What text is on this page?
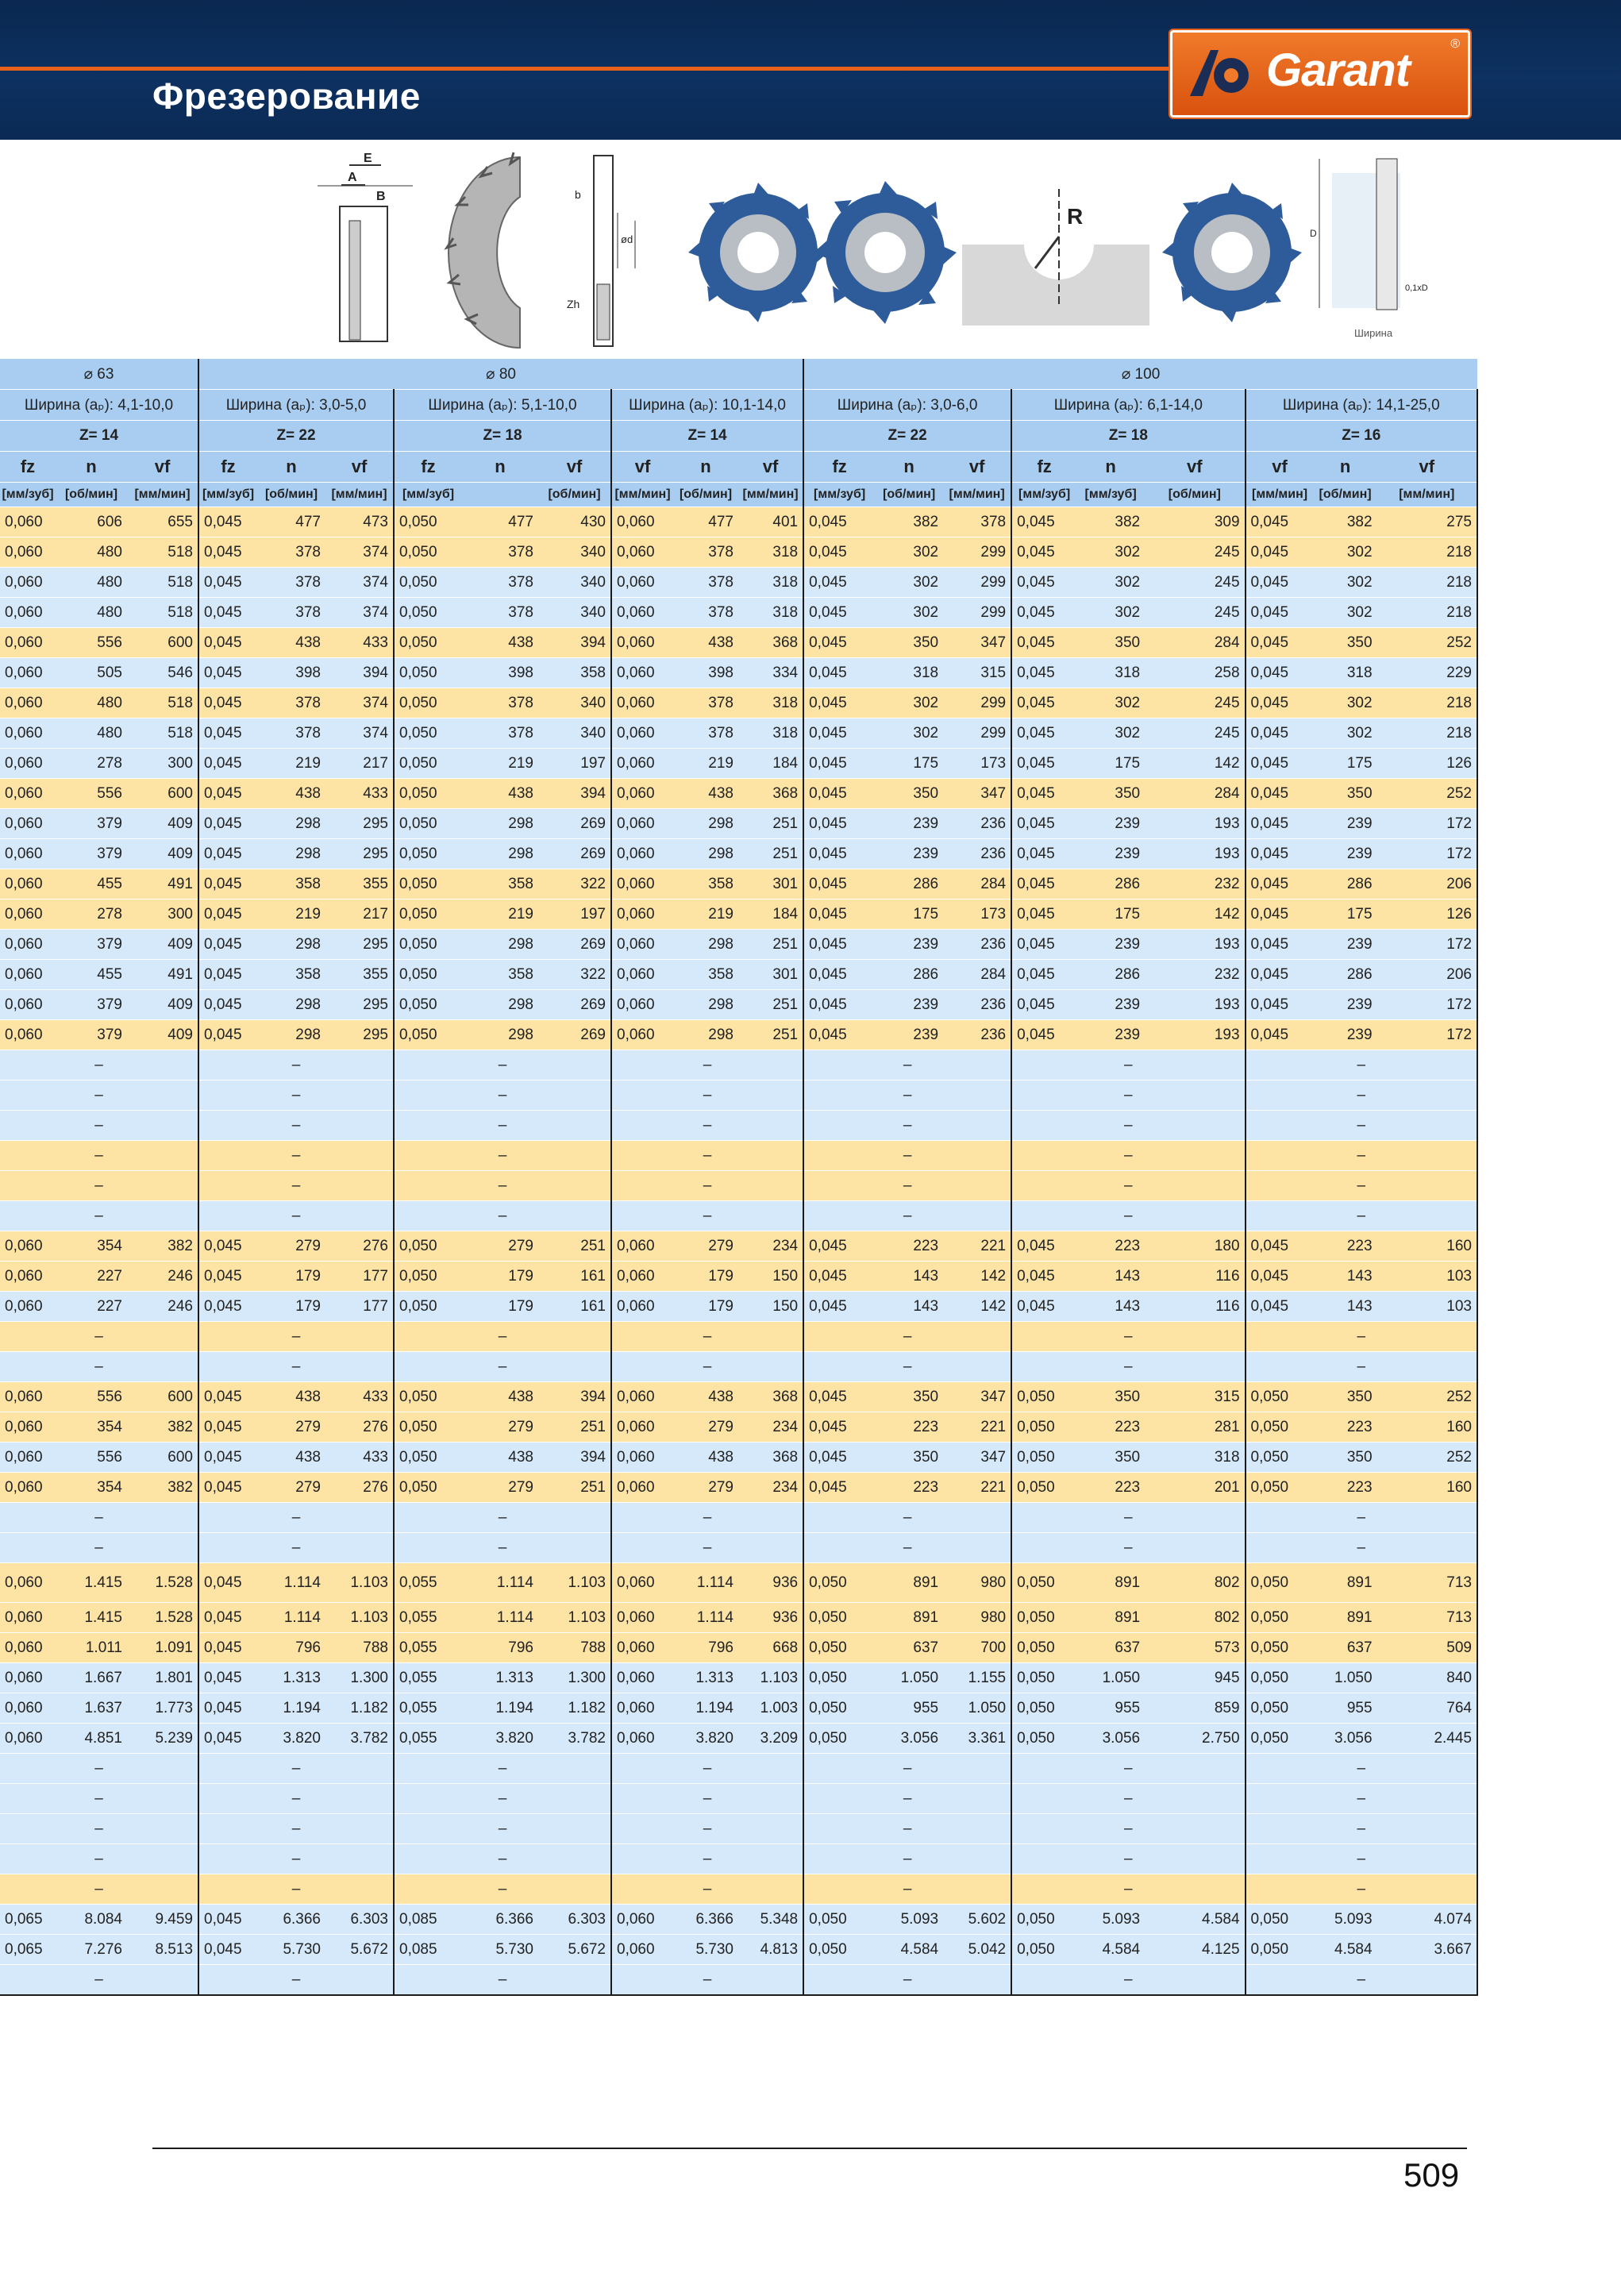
Фрезерование	Garant
®
E
A
B	b
Zh
ød
R
D
0,1xD
Ширина
⌀ 63			⌀ 80									⌀ 100								
Ширина (aₚ): 4,1-10,0			Ширина (aₚ): 3,0-5,0			Ширина (aₚ): 5,1-10,0			Ширина (aₚ): 10,1-14,0			Ширина (aₚ): 3,0-6,0			Ширина (aₚ): 6,1-14,0			Ширина (aₚ): 14,1-25,0		
Z= 14			Z= 22			Z= 18			Z= 14			Z= 22			Z= 18			Z= 16		
fz	n	vf	fz	n	vf	fz	n	vf	vf	n	vf	fz	n	vf	fz	n	vf	vf	n	vf
[мм/зуб]	[об/мин]	[мм/мин]	[мм/зуб]	[об/мин]	[мм/мин]	[мм/зуб]		[об/мин]	[мм/мин]	[об/мин]	[мм/мин]	[мм/зуб]	[об/мин]	[мм/мин]	[мм/зуб]	[мм/зуб]	[об/мин]	[мм/мин]	[об/мин]	[мм/мин]
0,060	606	655	0,045	477	473	0,050	477	430	0,060	477	401	0,045	382	378	0,045	382	309	0,045	382	275
0,060	480	518	0,045	378	374	0,050	378	340	0,060	378	318	0,045	302	299	0,045	302	245	0,045	302	218
0,060	480	518	0,045	378	374	0,050	378	340	0,060	378	318	0,045	302	299	0,045	302	245	0,045	302	218
0,060	480	518	0,045	378	374	0,050	378	340	0,060	378	318	0,045	302	299	0,045	302	245	0,045	302	218
0,060	556	600	0,045	438	433	0,050	438	394	0,060	438	368	0,045	350	347	0,045	350	284	0,045	350	252
0,060	505	546	0,045	398	394	0,050	398	358	0,060	398	334	0,045	318	315	0,045	318	258	0,045	318	229
0,060	480	518	0,045	378	374	0,050	378	340	0,060	378	318	0,045	302	299	0,045	302	245	0,045	302	218
0,060	480	518	0,045	378	374	0,050	378	340	0,060	378	318	0,045	302	299	0,045	302	245	0,045	302	218
0,060	278	300	0,045	219	217	0,050	219	197	0,060	219	184	0,045	175	173	0,045	175	142	0,045	175	126
0,060	556	600	0,045	438	433	0,050	438	394	0,060	438	368	0,045	350	347	0,045	350	284	0,045	350	252
0,060	379	409	0,045	298	295	0,050	298	269	0,060	298	251	0,045	239	236	0,045	239	193	0,045	239	172
0,060	379	409	0,045	298	295	0,050	298	269	0,060	298	251	0,045	239	236	0,045	239	193	0,045	239	172
0,060	455	491	0,045	358	355	0,050	358	322	0,060	358	301	0,045	286	284	0,045	286	232	0,045	286	206
0,060	278	300	0,045	219	217	0,050	219	197	0,060	219	184	0,045	175	173	0,045	175	142	0,045	175	126
0,060	379	409	0,045	298	295	0,050	298	269	0,060	298	251	0,045	239	236	0,045	239	193	0,045	239	172
0,060	455	491	0,045	358	355	0,050	358	322	0,060	358	301	0,045	286	284	0,045	286	232	0,045	286	206
0,060	379	409	0,045	298	295	0,050	298	269	0,060	298	251	0,045	239	236	0,045	239	193	0,045	239	172
0,060	379	409	0,045	298	295	0,050	298	269	0,060	298	251	0,045	239	236	0,045	239	193	0,045	239	172
–			–			–			–			–			–			–		
–			–			–			–			–			–			–		
–			–			–			–			–			–			–		
–			–			–			–			–			–			–		
–			–			–			–			–			–			–		
–			–			–			–			–			–			–		
0,060	354	382	0,045	279	276	0,050	279	251	0,060	279	234	0,045	223	221	0,045	223	180	0,045	223	160
0,060	227	246	0,045	179	177	0,050	179	161	0,060	179	150	0,045	143	142	0,045	143	116	0,045	143	103
0,060	227	246	0,045	179	177	0,050	179	161	0,060	179	150	0,045	143	142	0,045	143	116	0,045	143	103
–			–			–			–			–			–			–		
–			–			–			–			–			–			–		
0,060	556	600	0,045	438	433	0,050	438	394	0,060	438	368	0,045	350	347	0,050	350	315	0,050	350	252
0,060	354	382	0,045	279	276	0,050	279	251	0,060	279	234	0,045	223	221	0,050	223	281	0,050	223	160
0,060	556	600	0,045	438	433	0,050	438	394	0,060	438	368	0,045	350	347	0,050	350	318	0,050	350	252
0,060	354	382	0,045	279	276	0,050	279	251	0,060	279	234	0,045	223	221	0,050	223	201	0,050	223	160
–			–			–			–			–			–			–		
–			–			–			–			–			–			–		
0,060	1.415	1.528	0,045	1.114	1.103	0,055	1.114	1.103	0,060	1.114	936	0,050	891	980	0,050	891	802	0,050	891	713
0,060	1.415	1.528	0,045	1.114	1.103	0,055	1.114	1.103	0,060	1.114	936	0,050	891	980	0,050	891	802	0,050	891	713
0,060	1.011	1.091	0,045	796	788	0,055	796	788	0,060	796	668	0,050	637	700	0,050	637	573	0,050	637	509
0,060	1.667	1.801	0,045	1.313	1.300	0,055	1.313	1.300	0,060	1.313	1.103	0,050	1.050	1.155	0,050	1.050	945	0,050	1.050	840
0,060	1.637	1.773	0,045	1.194	1.182	0,055	1.194	1.182	0,060	1.194	1.003	0,050	955	1.050	0,050	955	859	0,050	955	764
0,060	4.851	5.239	0,045	3.820	3.782	0,055	3.820	3.782	0,060	3.820	3.209	0,050	3.056	3.361	0,050	3.056	2.750	0,050	3.056	2.445
–			–			–			–			–			–			–		
–			–			–			–			–			–			–		
–			–			–			–			–			–			–		
–			–			–			–			–			–			–		
–			–			–			–			–			–			–		
0,065	8.084	9.459	0,045	6.366	6.303	0,085	6.366	6.303	0,060	6.366	5.348	0,050	5.093	5.602	0,050	5.093	4.584	0,050	5.093	4.074
0,065	7.276	8.513	0,045	5.730	5.672	0,085	5.730	5.672	0,060	5.730	4.813	0,050	4.584	5.042	0,050	4.584	4.125	0,050	4.584	3.667
–			–			–			–			–			–			–		
509
